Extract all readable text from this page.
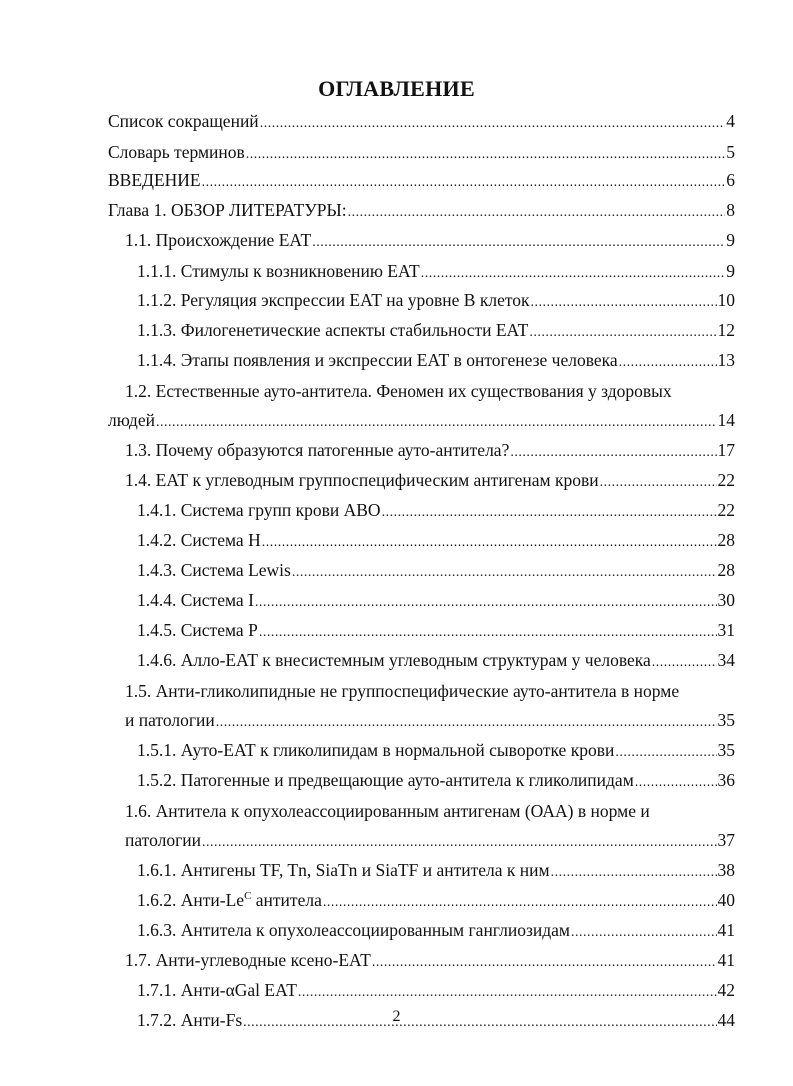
ОГЛАВЛЕНИЕ
Список сокращений .....	4
Словарь терминов .....	5
ВВЕДЕНИЕ .....	6
Глава 1. ОБЗОР ЛИТЕРАТУРЫ: .....	8
1.1. Происхождение ЕАТ .....	9
1.1.1. Стимулы к возникновению ЕАТ .....	9
1.1.2. Регуляция экспрессии ЕАТ на уровне В клеток .....	10
1.1.3. Филогенетические аспекты стабильности ЕАТ .....	12
1.1.4. Этапы появления и экспрессии ЕАТ в онтогенезе человека .....	13
1.2. Естественные ауто-антитела. Феномен их существования у здоровых
людей .....	14
1.3. Почему образуются патогенные ауто-антитела? .....	17
1.4. ЕАТ к углеводным группоспецифическим антигенам крови .....	22
1.4.1. Система групп крови АВО .....	22
1.4.2. Система Н .....	28
1.4.3. Система Lewis .....	28
1.4.4. Система I .....	30
1.4.5. Система Р .....	31
1.4.6. Алло-ЕАТ к внесистемным углеводным структурам у человека .....	34
1.5. Анти-гликолипидные не группоспецифические ауто-антитела в норме
и патологии .....	35
1.5.1. Ауто-ЕАТ к гликолипидам в нормальной сыворотке крови .....	35
1.5.2. Патогенные и предвещающие ауто-антитела к гликолипидам .....	36
1.6. Антитела к опухолеассоциированным антигенам (ОАА) в норме и
патологии .....	37
1.6.1. Антигены TF, Tn, SiaTn и SiaTF и антитела к ним .....	38
1.6.2. Анти-$Le^C$ антитела .....	40
1.6.3. Антитела к опухолеассоциированным ганглиозидам .....	41
1.7. Анти-углеводные ксено-ЕАТ .....	41
1.7.1. Анти-αGal ЕАТ .....	42
1.7.2. Анти-Fs .....	44
2
